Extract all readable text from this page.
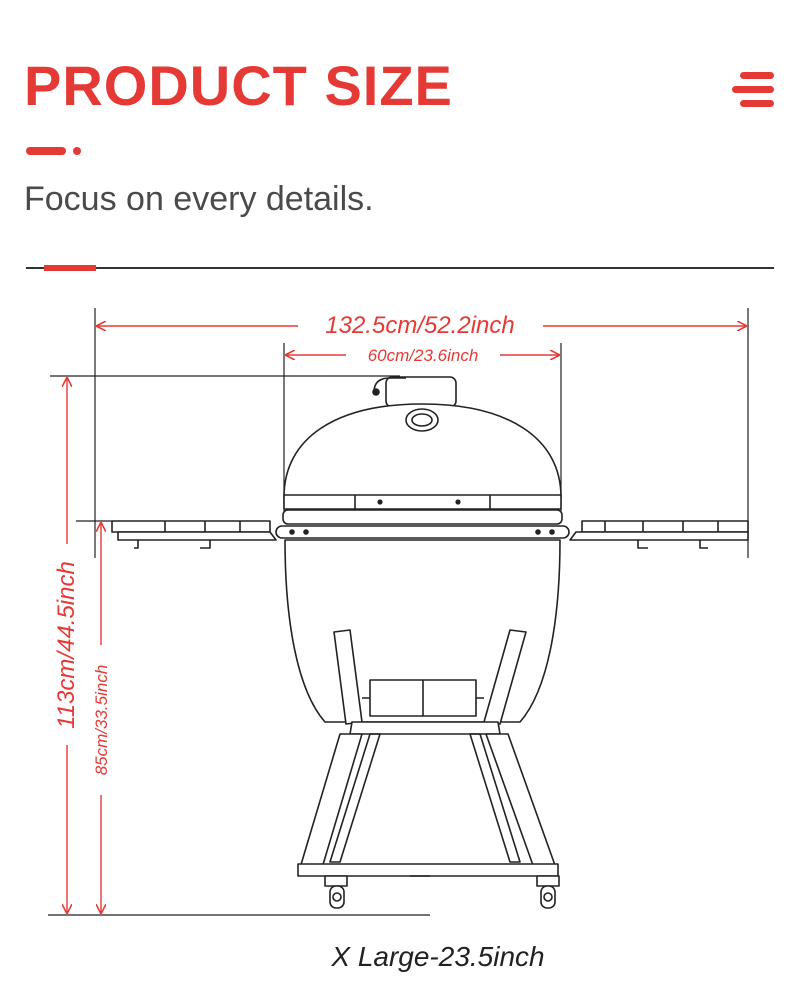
PRODUCT SIZE
Focus on every details.
132.5cm/52.2inch
60cm/23.6inch
113cm/44.5inch 85cm/33.5inch
X Large-23.5inch
